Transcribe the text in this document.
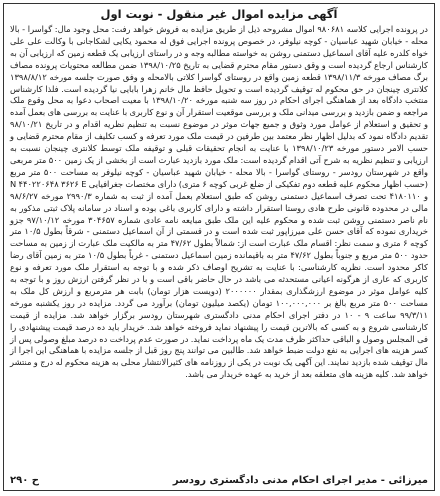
آگهی مزایده اموال غیر منقول - نوبت اول

در پرونده اجرایی کلاسه ۹۸۰۶۸۱ اموال مشروحه ذیل از طریق مزایده به فروش خواهد رفت: محل وجود مال: گواسرا - بالا محله - خیابان شهید عباسیان - کوچه نیلوفر، در خصوص پرونده اجرایی فوق له محمود یکایی لشکاجانی با وکالت علی علی خواه کلدره علیه آقای اسماعیل دستمنی روشن به خواسته مطالبه وجه و در راستای ارزیابی یک قطعه زمین که ارزیابی آن به کارشناس ارجاع گردیده است و وقق دستور مقام محترم قضایی به تاریخ ۱۳۹۸/۱۰/۲۵ ضمن مطالعه محتویات پرونده مصاف برگ مصاف مورخه ۱۳۹۸/۱۱/۳ قطعه زمین واقع در روستای گواسرا کلاتی بالامحله و وفق صورت جلسه مورخه ۱۳۹۸/۸/۱۲ کلانتری چینجان در حق محکوم له توقیف گردیده است و تحویل حافظ مال خانم زهرا بابایی نیا گردیده است. فلذا کارشناس منتخب دادگاه بعد از هماهنگی اجرای احکام در روز سه شنبه مورخه ۱۳۹۸/۱۰/۲۰ با معیت اصحاب دعوا به محل وقوع ملک مراجعه و ضمن بازدید و بررسی میدانی ملک و بررسی موقعیت استقرار آن و نوع کاربری با عنایت به بررسی های بعمل آمده و تحقیق و استعلام از عوامل مورد وثوق و جمیع جهات موثر در موضوع نسبت به تنظیم نظریه اقدام و در تاریخ ۹۸/۱۰/۲۱ تقدیم دادگاه نمود که بدلیل اظهار نظر معتمد بین طرفین در قیمت ملک مورد تعرفه و کسب تکلیف از مقام محترم قضایی و حسب الامر دستور مورخه ۱۳۹۸/۱۰/۲۳ با عنایت به انجام تحقیقات قبلی و توقیفه ملک توسط کلانتری چینجان نسبت به ارزیابی و تنظیم نظریه به شرح آتی اقدام گردیده است: ملک مورد بازدید عبارت است از بخشی از یک زمین ۵۰۰ متر مربعی واقع در شهرستان رودسر - روستای گواسرا - بالا محله - خیابان شهید عباسیان - کوچه نیلوفر به مساحت ۵۰۰ متر مربع (حسب اظهار محکوم علیه قطعه دوم تفکیکی از ضلع غربی کوچه ۶ متری) دارای مختصات جغرافیایی N ۴۴۰۲۲۰۶۴۸ ۳۶۲۶ E و ۴۱۸۰۱۱۰ تحت تصرف اسماعیل دستمنی روشن که طبق استعلام بعمل آمده از ثبت به شماره ۲۹۹۰/۳ مورخه ۹۸/۶/۲۷ مالی در محدوده قانونی طرح هادی روستا استقرار داشته و دارای کاربری باغی بوده و اسناد در سامانه پلاک ثبتی مذکور به نام ناصر دستمنی روشن ثبت شده و محکوم علیه این ملک طبق مبایعه نامه عادی شماره ۳۰۴۶۵۷ مورخه ۹۷/۱۰/۱۲ جزو خریداری نموده که آقای حسن علی میرزاپور ثبت شده است و در قسمتی از آن اسماعیل دستمنی - شرقاً بطول ۱۰/۵ متر کوچه ۶ متری و سمت نظر: اقسام ملک عبارت است از: شمالاً بطول ۴۷/۶۲ متر به مالکیت ملک عبارت از زمین به مساحت حدود ۵۰۰ متر مربع و جنوباً بطول ۴۷/۶۲ متر به باقیمانده زمین اسماعیل دستمنی - غرباً بطول ۱۰/۵ متر به زمین آقای رضا کاکر محدود است. نظریه کارشناسی: با عنایت به تشریح اوصاف ذکر شده و با توجه به استقرار ملک مورد تعرفه و نوع کاربری که عاری از هرگونه اعیانی مستحدثه می باشد در حال حاضر باقی است و با در نظر گرفتن ارزش روز و با توجه به کلیه عوامل موثر در موضوع ارزشگذاری بمقدار ۲۰۰۰۰۰۰ (دویست هزار تومان) بابت هر مترمربع و ارزش کل ملک به مساحت ۵۰۰ متر مربع بالغ بر ۱۰۰,۰۰۰,۰۰۰ تومان (یکصد میلیون تومان) برآورد می گردد. مزایده در روز یکشنبه مورخه ۹۹/۳/۱۱ ساعت ۹ - ۱۰ در دفتر اجرای احکام مدنی دادگستری شهرستان رودسر برگزار خواهد شد. مزایده از قیمت کارشناسی شروع و به کسی که بالاترین قیمت را پیشنهاد نماید فروخته خواهد شد. خریدار باید ده درصد قیمت پیشنهادی را فی المجلس وصول و الباقی حداکثر ظرف مدت یک ماه پرداخت نماید. در صورت عدم پرداخت ده درصد مبلغ وصولی پس از کسر هزینه های اجرایی به نفع دولت ضبط خواهد شد. طالبین می توانند پنج روز قبل از جلسه مزایده با هماهنگی این اجرا از مال توقیف شده بازدید نمایند. این آگهی یک نوبت در یکی از روزنامه های کثیرالانتشار محلی به هزینه محکوم له درج و منتشر خواهد شد. کلیه هزینه های متعلقه بعد از خرید به عهده خریدار می باشد.

میرزائی - مدیر اجرای احکام مدنی دادگستری رودسر
ح ۲۹۰
